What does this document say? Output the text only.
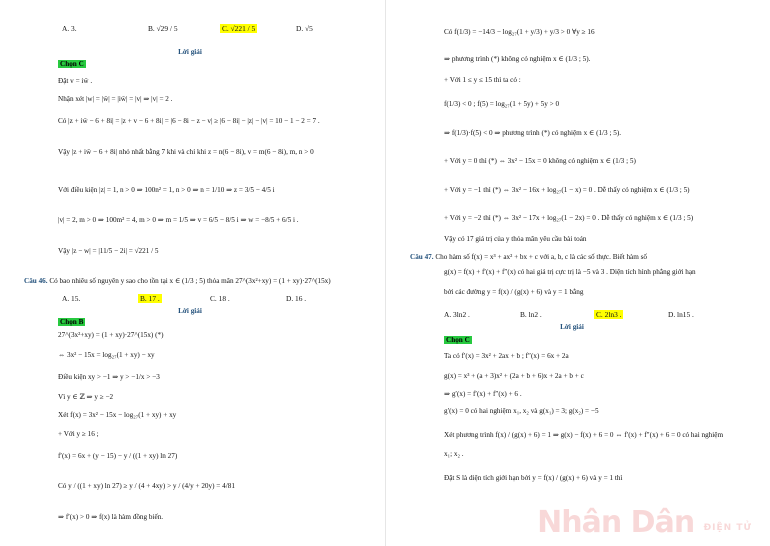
A. 3.	B. √29 / 5	C. √221 / 5	D. √5
Lời giải
Chọn C
Đặt v = iw̄ .
Nhận xét |w| = |w̄| = |iw̄| = |v| ⇒ |v| = 2 .
Có |z + iw̄ − 6 + 8i| = |z + v − 6 + 8i| = |6 − 8i − z − v| ≥ |6 − 8i| − |z| − |v| = 10 − 1 − 2 = 7 .
Vậy |z + iw̄ − 6 + 8i| nhỏ nhất bằng 7 khi và chỉ khi z = n(6 − 8i), v = m(6 − 8i), m, n > 0
Với điều kiện |z| = 1, n > 0 ⇒ 100n² = 1, n > 0 ⇒ n = 1/10 ⇒ z = 3/5 − 4/5 i
|v| = 2, m > 0 ⇒ 100m² = 4, m > 0 ⇒ m = 1/5 ⇒ v = 6/5 − 8/5 i ⇒ w = −8/5 + 6/5 i .
Vậy |z − w| = |11/5 − 2i| = √221 / 5
Câu 46. Có bao nhiêu số nguyên y sao cho tồn tại x ∈ (1/3 ; 5) thỏa mãn 27^(3x²+xy) = (1 + xy)·27^(15x)
A. 15.	B. 17 .	C. 18 .	D. 16 .
Lời giải
Chọn B
27^(3x²+xy) = (1 + xy)·27^(15x) (*)
⇔ 3x² − 15x = log₂₇(1 + xy) − xy
Điều kiện xy > −1 ⇒ y > −1/x > −3
Vì y ∈ ℤ ⇒ y ≥ −2
Xét f(x) = 3x² − 15x − log₂₇(1 + xy) + xy
+ Với y ≥ 16 ;
f′(x) = 6x + (y − 15) − y / ((1 + xy) ln 27)
Có y / ((1 + xy) ln 27) ≥ y / (4 + 4xy) > y / (4/y + 20y) = 4/81
⇒ f′(x) > 0 ⇒ f(x) là hàm đồng biến.
Có f(1/3) = −14/3 − log₂₇(1 + y/3) + y/3 > 0 ∀y ≥ 16
⇒ phương trình (*) không có nghiệm x ∈ (1/3 ; 5).
+ Với 1 ≤ y ≤ 15 thì ta có :
f(1/3) < 0 ; f(5) = log₂₇(1 + 5y) + 5y > 0
⇒ f(1/3)·f(5) < 0 ⇒ phương trình (*) có nghiệm x ∈ (1/3 ; 5).
+ Với y = 0 thì (*) ⇔ 3x² − 15x = 0 không có nghiệm x ∈ (1/3 ; 5)
+ Với y = −1 thì (*) ⇔ 3x² − 16x + log₂₇(1 − x) = 0 . Dễ thấy có nghiệm x ∈ (1/3 ; 5)
+ Với y = −2 thì (*) ⇔ 3x² − 17x + log₂₇(1 − 2x) = 0 . Dễ thấy có nghiệm x ∈ (1/3 ; 5)
Vậy có 17 giá trị của y thỏa mãn yêu cầu bài toán
Câu 47. Cho hàm số f(x) = x³ + ax² + bx + c với a, b, c là các số thực. Biết hàm số
g(x) = f(x) + f′(x) + f″(x) có hai giá trị cực trị là −5 và 3 . Diện tích hình phẳng giới hạn
bởi các đường y = f(x) / (g(x) + 6) và y = 1 bằng
A. 3ln2 .	B. ln2 .	C. 2ln3 .	D. ln15 .
Lời giải
Chọn C
Ta có f′(x) = 3x² + 2ax + b ; f″(x) = 6x + 2a
g(x) = x³ + (a + 3)x² + (2a + b + 6)x + 2a + b + c
⇒ g′(x) = f′(x) + f″(x) + 6 .
g′(x) = 0 có hai nghiệm x₁, x₂ và g(x₁) = 3; g(x₂) = −5
Xét phương trình f(x) / (g(x) + 6) = 1 ⇒ g(x) − f(x) + 6 = 0 ⇔ f′(x) + f″(x) + 6 = 0 có hai nghiệm
x₁; x₂ .
Đặt S là diện tích giới hạn bởi y = f(x) / (g(x) + 6) và y = 1 thì
Nhân Dân ĐIỆN TỬ
